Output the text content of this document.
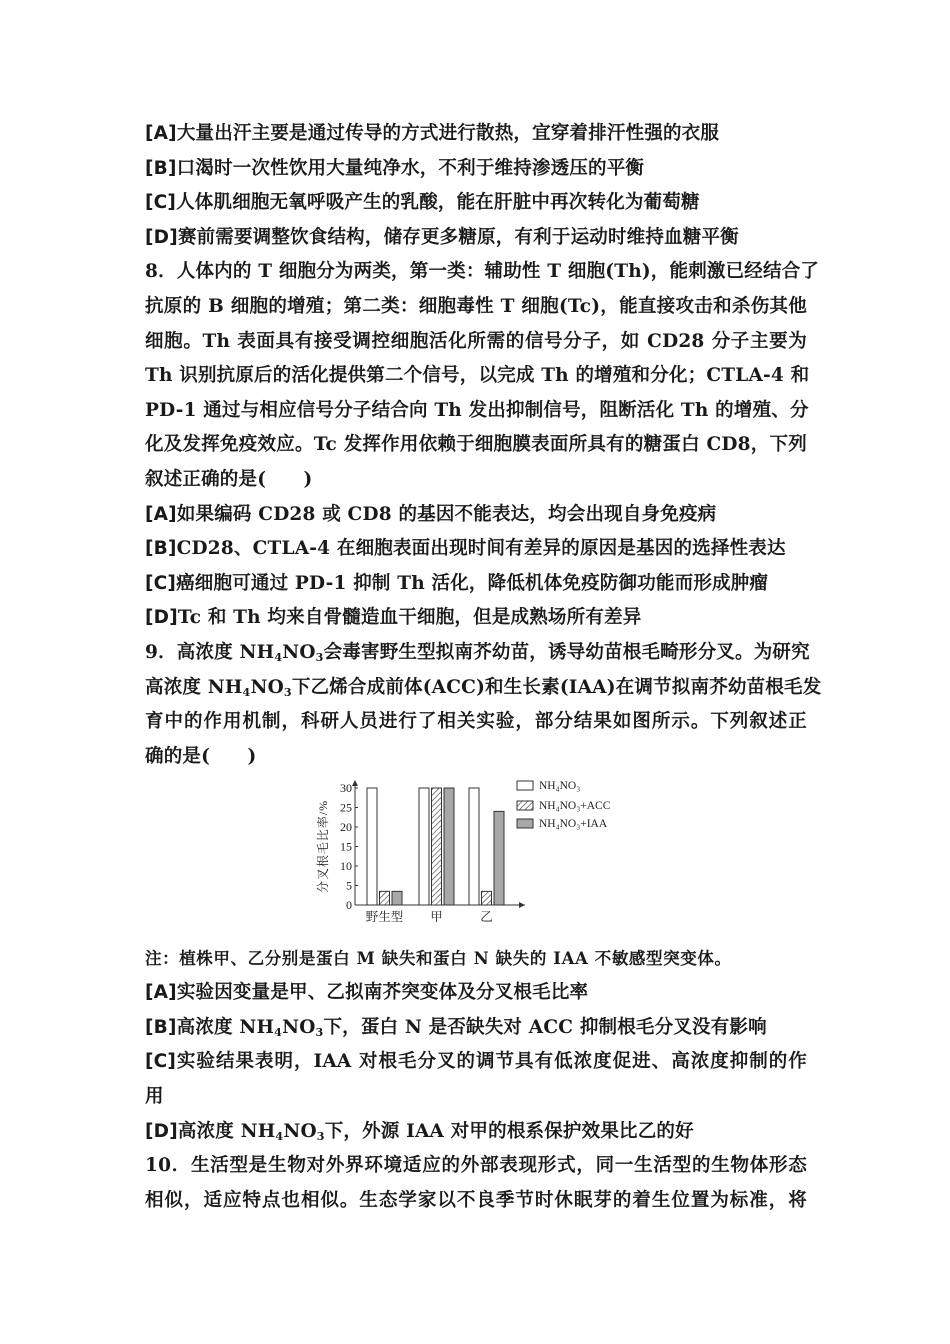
[A]大量出汗主要是通过传导的方式进行散热，宜穿着排汗性强的衣服
[B]口渴时一次性饮用大量纯净水，不利于维持渗透压的平衡
[C]人体肌细胞无氧呼吸产生的乳酸，能在肝脏中再次转化为葡萄糖
[D]赛前需要调整饮食结构，储存更多糖原，有利于运动时维持血糖平衡
8．人体内的 T 细胞分为两类，第一类：辅助性 T 细胞(Th)，能刺激已经结合了
抗原的 B 细胞的增殖；第二类：细胞毒性 T 细胞(Tc)，能直接攻击和杀伤其他
细胞。Th 表面具有接受调控细胞活化所需的信号分子，如 CD28 分子主要为
Th 识别抗原后的活化提供第二个信号，以完成 Th 的增殖和分化；CTLA-4 和
PD-1 通过与相应信号分子结合向 Th 发出抑制信号，阻断活化 Th 的增殖、分
化及发挥免疫效应。Tc 发挥作用依赖于细胞膜表面所具有的糖蛋白 CD8，下列
叙述正确的是(　　)
[A]如果编码 CD28 或 CD8 的基因不能表达，均会出现自身免疫病
[B]CD28、CTLA-4 在细胞表面出现时间有差异的原因是基因的选择性表达
[C]癌细胞可通过 PD-1 抑制 Th 活化，降低机体免疫防御功能而形成肿瘤
[D]Tc 和 Th 均来自骨髓造血干细胞，但是成熟场所有差异
9．高浓度 $NH_4NO_3$会毒害野生型拟南芥幼苗，诱导幼苗根毛畸形分叉。为研究
高浓度 $NH_4NO_3$下乙烯合成前体(ACC)和生长素(IAA)在调节拟南芥幼苗根毛发
育中的作用机制，科研人员进行了相关实验，部分结果如图所示。下列叙述正
确的是(　　)
0
5
10
15
20
25
30
分叉根毛比率/%
野生型 甲	乙
NH₄NO₃
NH₄NO₃+ACC
NH₄NO₃+IAA
注：植株甲、乙分别是蛋白 M 缺失和蛋白 N 缺失的 IAA 不敏感型突变体。
[A]实验因变量是甲、乙拟南芥突变体及分叉根毛比率
[B]高浓度 $NH_4NO_3$下，蛋白 N 是否缺失对 ACC 抑制根毛分叉没有影响
[C]实验结果表明，IAA 对根毛分叉的调节具有低浓度促进、高浓度抑制的作
用
[D]高浓度 $NH_4NO_3$下，外源 IAA 对甲的根系保护效果比乙的好
10．生活型是生物对外界环境适应的外部表现形式，同一生活型的生物体形态
相似，适应特点也相似。生态学家以不良季节时休眠芽的着生位置为标准，将
